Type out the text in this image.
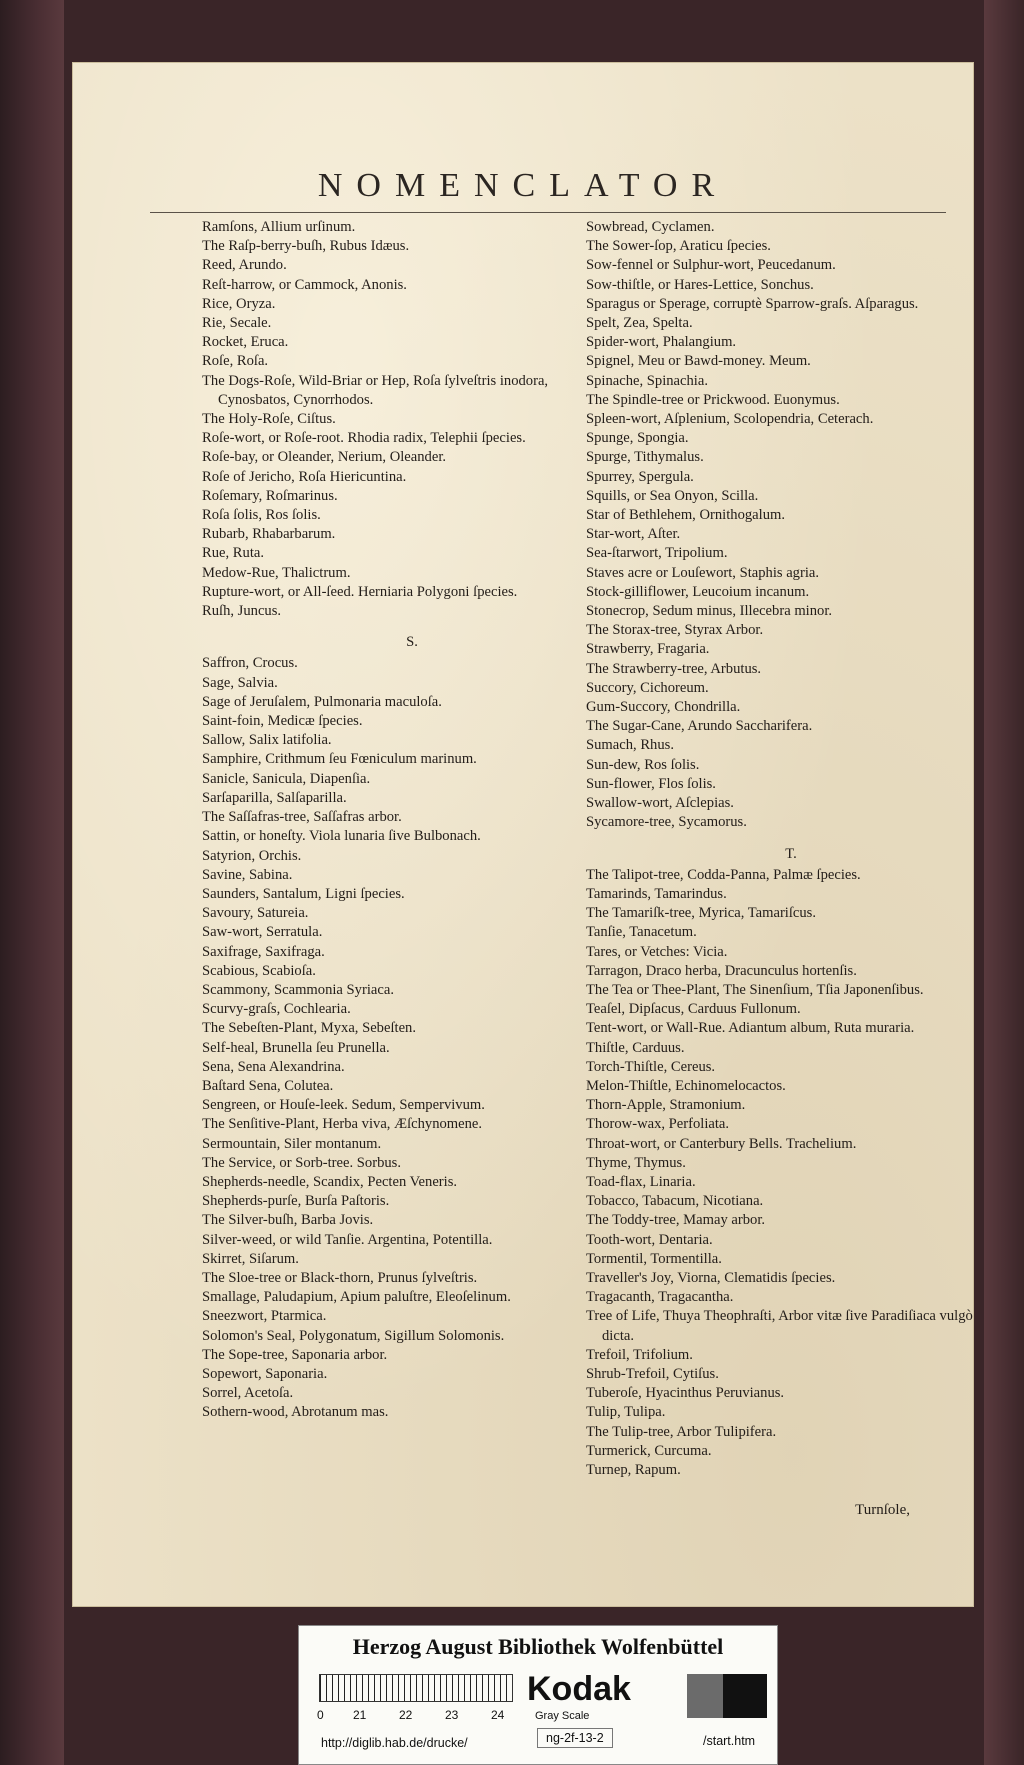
NOMENCLATOR
Ramſons, Allium urſinum.
The Raſp-berry-buſh, Rubus Idæus.
Reed, Arundo.
Reſt-harrow, or Cammock, Anonis.
Rice, Oryza.
Rie, Secale.
Rocket, Eruca.
Roſe, Roſa.
The Dogs-Roſe, Wild-Briar or Hep, Roſa ſylveſtris inodora, Cynosbatos, Cynorrhodos.
The Holy-Roſe, Ciſtus.
Roſe-wort, or Roſe-root. Rhodia radix, Telephii ſpecies.
Roſe-bay, or Oleander, Nerium, Oleander.
Roſe of Jericho, Roſa Hiericuntina.
Roſemary, Roſmarinus.
Roſa ſolis, Ros ſolis.
Rubarb, Rhabarbarum.
Rue, Ruta.
Medow-Rue, Thalictrum.
Rupture-wort, or All-ſeed. Herniaria Polygoni ſpecies.
Ruſh, Juncus.
S.
Saffron, Crocus.
Sage, Salvia.
Sage of Jeruſalem, Pulmonaria maculoſa.
Saint-foin, Medicæ ſpecies.
Sallow, Salix latifolia.
Samphire, Crithmum ſeu Fœniculum marinum.
Sanicle, Sanicula, Diapenſia.
Sarſaparilla, Salſaparilla.
The Saſſafras-tree, Saſſafras arbor.
Sattin, or honeſty. Viola lunaria ſive Bulbonach.
Satyrion, Orchis.
Savine, Sabina.
Saunders, Santalum, Ligni ſpecies.
Savoury, Satureia.
Saw-wort, Serratula.
Saxifrage, Saxifraga.
Scabious, Scabioſa.
Scammony, Scammonia Syriaca.
Scurvy-graſs, Cochlearia.
The Sebeſten-Plant, Myxa, Sebeſten.
Self-heal, Brunella ſeu Prunella.
Sena, Sena Alexandrina.
Baſtard Sena, Colutea.
Sengreen, or Houſe-leek. Sedum, Sempervivum.
The Senſitive-Plant, Herba viva, Æſchynomene.
Sermountain, Siler montanum.
The Service, or Sorb-tree. Sorbus.
Shepherds-needle, Scandix, Pecten Veneris.
Shepherds-purſe, Burſa Paſtoris.
The Silver-buſh, Barba Jovis.
Silver-weed, or wild Tanſie. Argentina, Potentilla.
Skirret, Siſarum.
The Sloe-tree or Black-thorn, Prunus ſylveſtris.
Smallage, Paludapium, Apium paluſtre, Eleoſelinum.
Sneezwort, Ptarmica.
Solomon's Seal, Polygonatum, Sigillum Solomonis.
The Sope-tree, Saponaria arbor.
Sopewort, Saponaria.
Sorrel, Acetoſa.
Sothern-wood, Abrotanum mas.
Sowbread, Cyclamen.
The Sower-ſop, Araticu ſpecies.
Sow-fennel or Sulphur-wort, Peucedanum.
Sow-thiſtle, or Hares-Lettice, Sonchus.
Sparagus or Sperage, corruptè Sparrow-graſs. Aſparagus.
Spelt, Zea, Spelta.
Spider-wort, Phalangium.
Spignel, Meu or Bawd-money. Meum.
Spinache, Spinachia.
The Spindle-tree or Prickwood. Euonymus.
Spleen-wort, Aſplenium, Scolopendria, Ceterach.
Spunge, Spongia.
Spurge, Tithymalus.
Spurrey, Spergula.
Squills, or Sea Onyon, Scilla.
Star of Bethlehem, Ornithogalum.
Star-wort, Aſter.
Sea-ſtarwort, Tripolium.
Staves acre or Louſewort, Staphis agria.
Stock-gilliflower, Leucoium incanum.
Stonecrop, Sedum minus, Illecebra minor.
The Storax-tree, Styrax Arbor.
Strawberry, Fragaria.
The Strawberry-tree, Arbutus.
Succory, Cichoreum.
Gum-Succory, Chondrilla.
The Sugar-Cane, Arundo Saccharifera.
Sumach, Rhus.
Sun-dew, Ros ſolis.
Sun-flower, Flos ſolis.
Swallow-wort, Aſclepias.
Sycamore-tree, Sycamorus.
T.
The Talipot-tree, Codda-Panna, Palmæ ſpecies.
Tamarinds, Tamarindus.
The Tamariſk-tree, Myrica, Tamariſcus.
Tanſie, Tanacetum.
Tares, or Vetches: Vicia.
Tarragon, Draco herba, Dracunculus hortenſis.
The Tea or Thee-Plant, The Sinenſium, Tſia Japonenſibus.
Teaſel, Dipſacus, Carduus Fullonum.
Tent-wort, or Wall-Rue. Adiantum album, Ruta muraria.
Thiſtle, Carduus.
Torch-Thiſtle, Cereus.
Melon-Thiſtle, Echinomelocactos.
Thorn-Apple, Stramonium.
Thorow-wax, Perfoliata.
Throat-wort, or Canterbury Bells. Trachelium.
Thyme, Thymus.
Toad-flax, Linaria.
Tobacco, Tabacum, Nicotiana.
The Toddy-tree, Mamay arbor.
Tooth-wort, Dentaria.
Tormentil, Tormentilla.
Traveller's Joy, Viorna, Clematidis ſpecies.
Tragacanth, Tragacantha.
Tree of Life, Thuya Theophraſti, Arbor vitæ ſive Paradiſiaca vulgò dicta.
Trefoil, Trifolium.
Shrub-Trefoil, Cytiſus.
Tuberoſe, Hyacinthus Peruvianus.
Tulip, Tulipa.
The Tulip-tree, Arbor Tulipifera.
Turmerick, Curcuma.
Turnep, Rapum.
Turnſole,
Herzog August Bibliothek Wolfenbüttel
0 21	22	23	24
Kodak
Gray Scale
http://diglib.hab.de/drucke/	ng-2f-13-2	/start.htm
